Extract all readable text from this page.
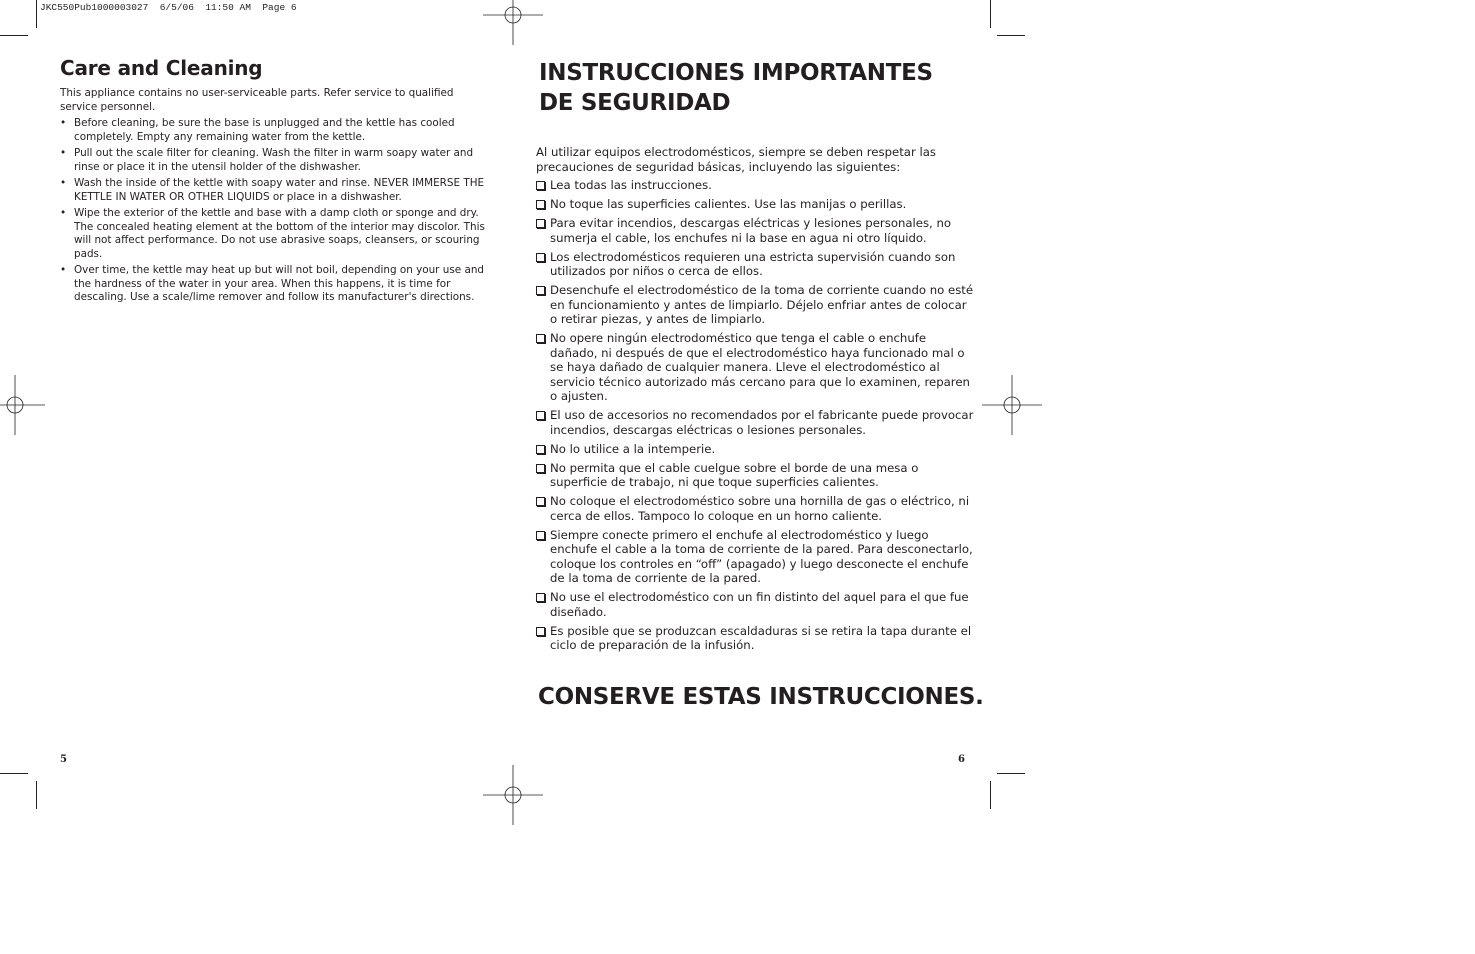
JKC550Pub1000003027  6/5/06  11:50 AM  Page 6
Care and Cleaning

This appliance contains no user-serviceable parts. Refer service to qualified service personnel.

• Before cleaning, be sure the base is unplugged and the kettle has cooled completely. Empty any remaining water from the kettle.
• Pull out the scale filter for cleaning. Wash the filter in warm soapy water and rinse or place it in the utensil holder of the dishwasher.
• Wash the inside of the kettle with soapy water and rinse. NEVER IMMERSE THE KETTLE IN WATER OR OTHER LIQUIDS or place in a dishwasher.
• Wipe the exterior of the kettle and base with a damp cloth or sponge and dry. The concealed heating element at the bottom of the interior may discolor. This will not affect performance. Do not use abrasive soaps, cleansers, or scouring pads.
• Over time, the kettle may heat up but will not boil, depending on your use and the hardness of the water in your area. When this happens, it is time for descaling. Use a scale/lime remover and follow its manufacturer's directions.
INSTRUCCIONES IMPORTANTES
DE SEGURIDAD

Al utilizar equipos electrodomésticos, siempre se deben respetar las precauciones de seguridad básicas, incluyendo las siguientes:

Lea todas las instrucciones.
No toque las superficies calientes. Use las manijas o perillas.
Para evitar incendios, descargas eléctricas y lesiones personales, no sumerja el cable, los enchufes ni la base en agua ni otro líquido.
Los electrodomésticos requieren una estricta supervisión cuando son utilizados por niños o cerca de ellos.
Desenchufe el electrodoméstico de la toma de corriente cuando no esté en funcionamiento y antes de limpiarlo. Déjelo enfriar antes de colocar o retirar piezas, y antes de limpiarlo.
No opere ningún electrodoméstico que tenga el cable o enchufe dañado, ni después de que el electrodoméstico haya funcionado mal o se haya dañado de cualquier manera. Lleve el electrodoméstico al servicio técnico autorizado más cercano para que lo examinen, reparen o ajusten.
El uso de accesorios no recomendados por el fabricante puede provocar incendios, descargas eléctricas o lesiones personales.
No lo utilice a la intemperie.
No permita que el cable cuelgue sobre el borde de una mesa o superficie de trabajo, ni que toque superficies calientes.
No coloque el electrodoméstico sobre una hornilla de gas o eléctrico, ni cerca de ellos. Tampoco lo coloque en un horno caliente.
Siempre conecte primero el enchufe al electrodoméstico y luego enchufe el cable a la toma de corriente de la pared. Para desconectarlo, coloque los controles en “off” (apagado) y luego desconecte el enchufe de la toma de corriente de la pared.
No use el electrodoméstico con un fin distinto del aquel para el que fue diseñado.
Es posible que se produzcan escaldaduras si se retira la tapa durante el ciclo de preparación de la infusión.
CONSERVE ESTAS INSTRUCCIONES.
5	6
